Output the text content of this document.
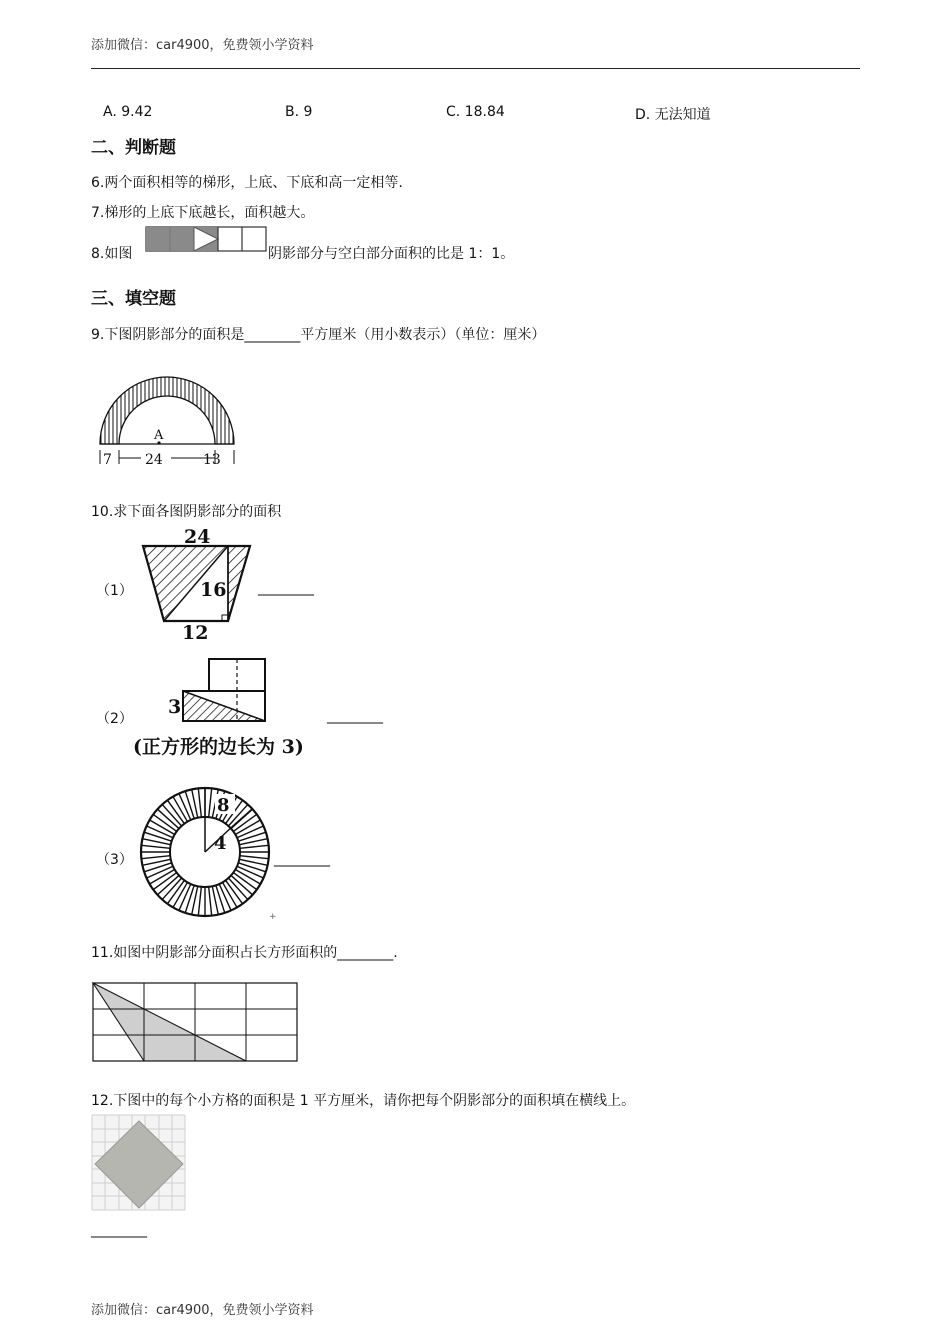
添加微信：car4900，免费领小学资料
A. 9.42	B. 9	C. 18.84	D. 无法知道
二、判断题
6.两个面积相等的梯形，上底、下底和高一定相等.
7.梯形的上底下底越长，面积越大。
8.如图	阴影部分与空白部分面积的比是 1：1。
三、填空题
9.下图阴影部分的面积是________平方厘米（用小数表示）（单位：厘米）
A
7 24	13
10.求下面各图阴影部分的面积
（1）
24
16
12
________
（2）
3
(正方形的边长为 3)
________
（3）
8
4
________
+
11.如图中阴影部分面积占长方形面积的________.
12.下图中的每个小方格的面积是 1 平方厘米，请你把每个阴影部分的面积填在横线上。
________
添加微信：car4900，免费领小学资料
